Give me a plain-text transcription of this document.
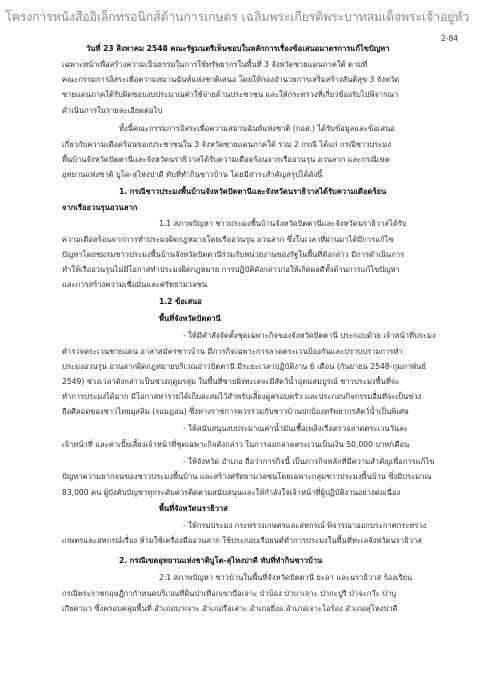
โครงการหนังสืออิเล็กทรอนิกส์ด้านการเกษตร เฉลิมพระเกียรติพระบาทสมเด็จพระเจ้าอยู่หัว
2-84
วันที่ 23 สิงหาคม 2548 คณะรัฐมนตรีเห็นชอบในหลักการเรื่องข้อเสนอมาตรการแก้ไขปัญหา
เฉพาะหน้าเพื่อสร้างความเป็นธรรมในการใช้ทรัพยากรในพื้นที่ 3 จังหวัดชายแดนภาคใต้ ตามที่
คณะกรรมการอิสระเพื่อความสมานฉันท์แห่งชาติเสนอ โดยให้กองอำนวยการเสริมสร้างสันติสุข 3 จังหวัด
ชายแดนภาคใต้รับผิดชอบงบประมาณค่าใช้จ่ายด้านประชาชน และให้กระทรวงที่เกี่ยวข้องรับไปพิจารณา
ดำเนินการในรายละเอียดต่อไป
ทั้งนี้คณะกรรมการอิสระเพื่อความสมานฉันท์แห่งชาติ (กอส.) ได้รับข้อมูลและข้อเสนอ
เกี่ยวกับความเดือดร้อนของประชาชนใน 3 จังหวัดชายแดนภาคใต้ รวม 2 กรณี ได้แก่ กรณีชาวประมง
พื้นบ้านจังหวัดปัตตานีและจังหวัดนราธิวาสได้รับความเดือดร้อนจากเรืออวนรุน อวนลาก และกรณีเขต
อุทยานแห่งชาติ บูโด-สุไหงปาดี ทับที่ทำกินชาวบ้าน โดยมีสาระสำคัญสรุปได้ดังนี้
1. กรณีชาวประมงพื้นบ้านจังหวัดปัตตานีและจังหวัดนราธิวาสได้รับความเดือดร้อน
จากเรืออวนรุนอวนลาก
1.1 สภาพปัญหา ชาวประมงพื้นบ้านจังหวัดปัตตานีและจังหวัดนราธิวาสได้รับ
ความเดือดร้อนจากการทำประมงผิดกฎหมายโดยเรืออวนรุน อวนลาก ซึ่งในเวลาที่ผ่านมาได้มีการแก้ไข
ปัญหาโดยชมรมชาวประมงพื้นบ้านจังหวัดปัตตานีร่วมกับหน่วยงานของรัฐในพื้นที่ดังกล่าว มีการดำเนินการ
ทำให้เรืออวนรุนไม่มีโอกาสทำประมงผิดกฎหมาย การปฏิบัติดังกล่าวก่อให้เกิดผลดีทั้งด้านการแก้ไขปัญหา
และการสร้างความเชื่อมั่นและศรัทธามวลชน
1.2 ข้อเสนอ
พื้นที่จังหวัดปัตตานี
- ให้มีคำสั่งจัดตั้งชุดเฉพาะกิจของจังหวัดปัตตานี ประกอบด้วย เจ้าหน้าที่ประมง
ตำรวจตระเวนชายแดน อาสาสมัครชาวบ้าน มีภารกิจเฉพาะการลาดตระเวนป้องกันและปราบปรามการทำ
ประมงอวนรุน อวนลากผิดกฎหมายบริเวณอ่าวปัตตานี มีระยะเวลาปฏิบัติงาน 6 เดือน (กันยายน 2548-กุมภาพันธ์
2549) ช่วงเวลาดังกล่าวเป็นช่วงฤดูมรสุม ในพื้นที่ชายฝั่งทะเลจะมีสัตว์น้ำอุดมสมบูรณ์ ชาวประมงพื้นที่จะ
ทำการประมงได้มาก มีโอกาสหารายได้เก็บสะสมไว้สำหรับเลี้ยงดูครอบครัว และประกอบกิจกรรมอื่นที่จะเป็นช่วง
ถือศีลอดของชาวไทยมุสลิม (รอมฎอน) ซึ่งทางราชการควรร่วมกับชาวบ้านปกป้องทรัพยากรสัตว์น้ำเป็นพิเศษ
- ให้สนับสนุนงบประมาณค่าน้ำมันเชื้อเพลิงเรือตรวจลาดตระเวนวันละ
เจ้าหน้าที่ และค่าเบี้ยเลี้ยงเจ้าหน้าที่ชุดเฉพาะกิจดังกล่าว ในการออกลาดตระเวนเป็นเงิน 50,000 บาท/เดือน
- ให้จังหวัด อำเภอ ถือว่าการกิจนี้ เป็นภารกิจหลักที่มีความสำคัญเพื่อการแก้ไข
ปัญหาความยากจนของชาวประมงพื้นบ้าน และสร้างศรัทธามวลชนโดยเฉพาะกลุ่มชาวประมงพื้นบ้าน ซึ่งมีประมาณ
83,000 คน ผู้บังคับบัญชาทุกระดับควรติดตามสนับสนุนและให้กำลังใจเจ้าหน้าที่ผู้ปฏิบัติงานอย่างต่อเนื่อง
พื้นที่จังหวัดนราธิวาส
- ให้กรมประมง กระทรวงเกษตรและสหกรณ์ พิจารณาออกประกาศกระทรวง
เกษตรและสหกรณ์เรื่อง ห้ามใช้เครื่องมืออวนลาก ใช้ประกอบเรือยนต์ทำการประมงในพื้นที่ทะเลจังหวัดนราธิวาส
2. กรณีเขตอุทยานแห่งชาติบูโด-สุไหงปาดี ทับที่ทำกินชาวบ้าน
2.1 สภาพปัญหา ชาวบ้านในพื้นที่จังหวัดปัตตานี ยะลา และนราธิวาส ร้องเรียน
กรณีพระราชกฤษฎีกากำหนดบริเวณที่ดินป่าเทือกเขาบือเจาะ ป่าบ้อง ป่าบาเจาะ ป่ากะปูรี ป่าจะกว๊ะ ป่าบู
เกียดาแว ซึ่งครอบคลุมพื้นที่ อำเภอบาเจาะ อำเภอรือเสาะ อำเภอยี่งอ อำเภอเจาะไอร้อง อำเภอสุไหงปาดี
